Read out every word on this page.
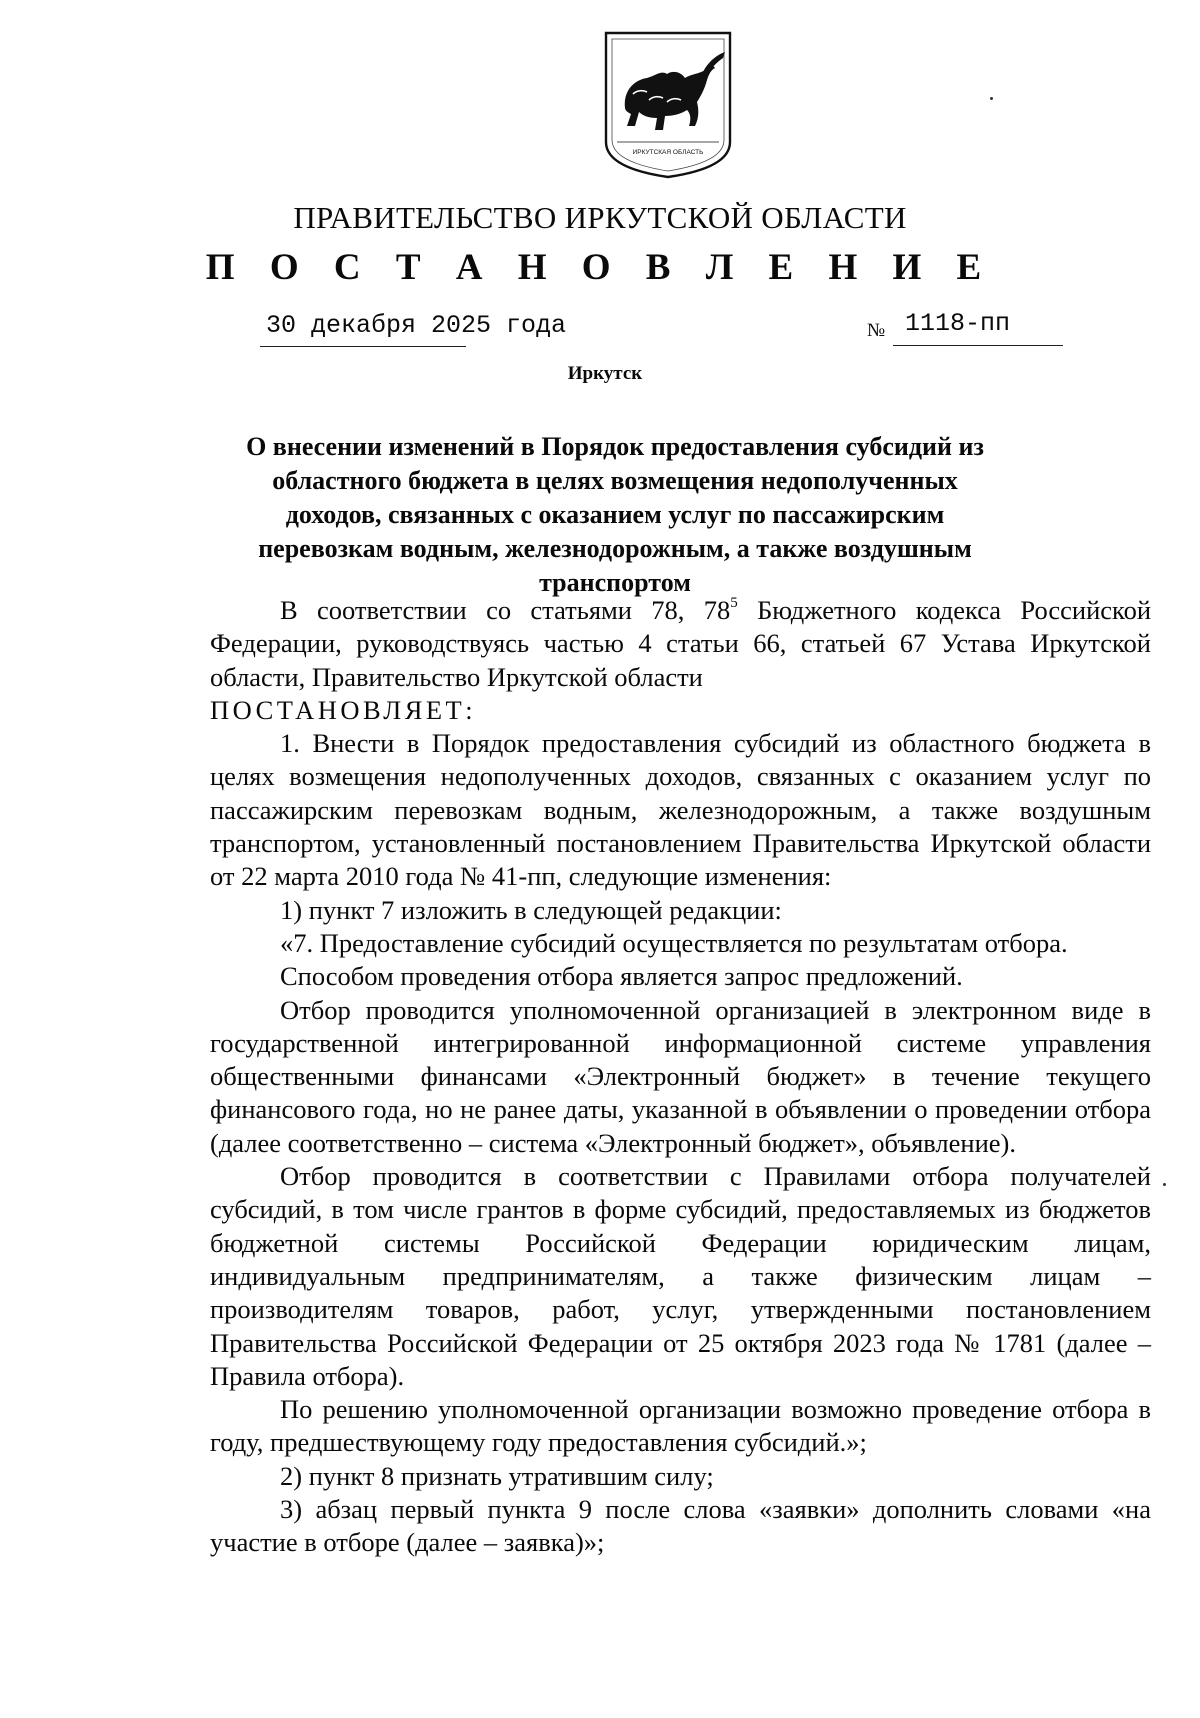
ИРКУТСКАЯ ОБЛАСТЬ
ПРАВИТЕЛЬСТВО ИРКУТСКОЙ ОБЛАСТИ
П О С Т А Н О В Л Е Н И Е
30 декабря 2025 года	№ 1118-пп
Иркутск
О внесении изменений в Порядок предоставления субсидий из областного бюджета в целях возмещения недополученных доходов, связанных с оказанием услуг по пассажирским перевозкам водным, железнодорожным, а также воздушным транспортом

В соответствии со статьями 78, $78^5$ Бюджетного кодекса Российской Федерации, руководствуясь частью 4 статьи 66, статьей 67 Устава Иркутской области, Правительство Иркутской области

ПОСТАНОВЛЯЕТ:

1. Внести в Порядок предоставления субсидий из областного бюджета в целях возмещения недополученных доходов, связанных с оказанием услуг по пассажирским перевозкам водным, железнодорожным, а также воздушным транспортом, установленный постановлением Правительства Иркутской области от 22 марта 2010 года № 41-пп, следующие изменения:

1) пункт 7 изложить в следующей редакции:

«7. Предоставление субсидий осуществляется по результатам отбора.

Способом проведения отбора является запрос предложений.

Отбор проводится уполномоченной организацией в электронном виде в государственной интегрированной информационной системе управления общественными финансами «Электронный бюджет» в течение текущего финансового года, но не ранее даты, указанной в объявлении о проведении отбора (далее соответственно – система «Электронный бюджет», объявление).

Отбор проводится в соответствии с Правилами отбора получателей субсидий, в том числе грантов в форме субсидий, предоставляемых из бюджетов бюджетной системы Российской Федерации юридическим лицам, индивидуальным предпринимателям, а также физическим лицам – производителям товаров, работ, услуг, утвержденными постановлением Правительства Российской Федерации от 25 октября 2023 года № 1781 (далее – Правила отбора).

По решению уполномоченной организации возможно проведение отбора в году, предшествующему году предоставления субсидий.»;

2) пункт 8 признать утратившим силу;

3) абзац первый пункта 9 после слова «заявки» дополнить словами «на участие в отборе (далее – заявка)»;
